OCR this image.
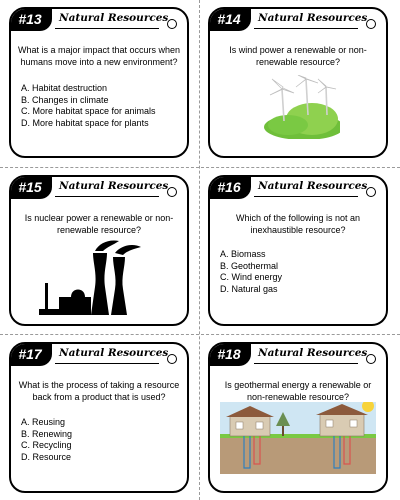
#13	Natural Resources
What is a major impact that occurs when humans move into a new environment?
A. Habitat destruction
B. Changes in climate
C. More habitat space for animals
D. More habitat space for plants
#14	Natural Resources
Is wind power a renewable or non-renewable resource?
#15	Natural Resources
Is nuclear power a renewable or non-renewable resource?
#16	Natural Resources
Which of the following is not an inexhaustible resource?
A. Biomass
B. Geothermal
C. Wind energy
D. Natural gas
#17	Natural Resources
What is the process of taking a resource back from a product that is used?
A. Reusing
B. Renewing
C. Recycling
D. Resource
#18	Natural Resources
Is geothermal energy a renewable or non-renewable resource?
